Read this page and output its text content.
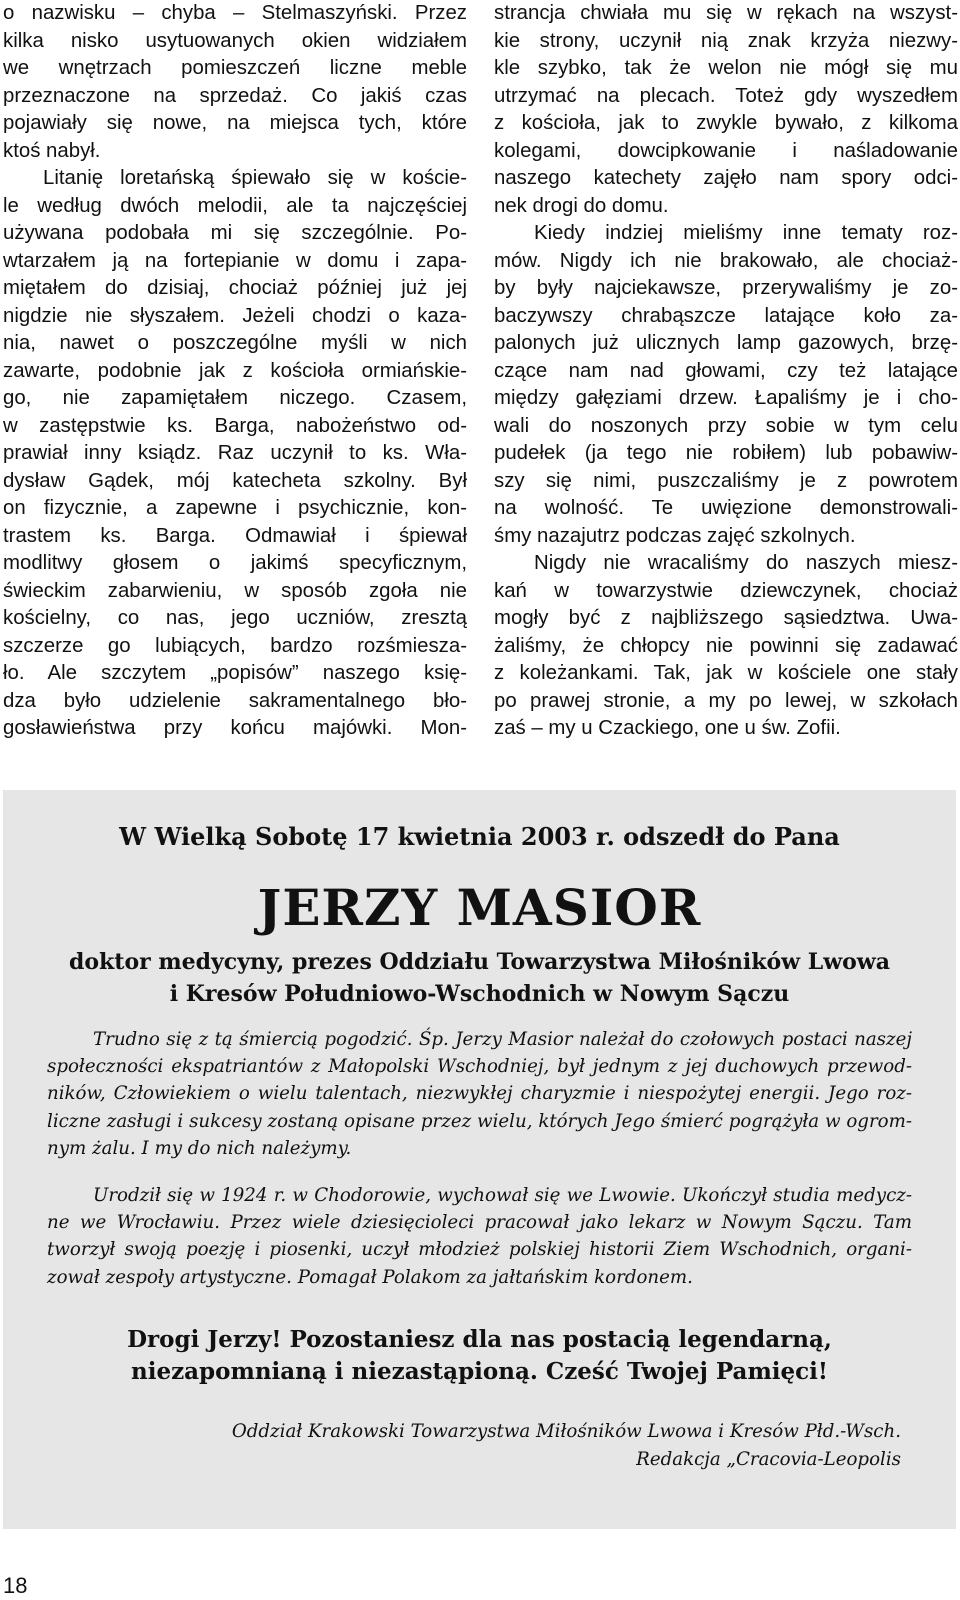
o nazwisku – chyba – Stelmaszyński. Przez
kilka nisko usytuowanych okien widziałem
we wnętrzach pomieszczeń liczne meble
przeznaczone na sprzedaż. Co jakiś czas
pojawiały się nowe, na miejsca tych, które
ktoś nabył.
Litanię loretańską śpiewało się w koście-
le według dwóch melodii, ale ta najczęściej
używana podobała mi się szczególnie. Po-
wtarzałem ją na fortepianie w domu i zapa-
miętałem do dzisiaj, chociaż później już jej
nigdzie nie słyszałem. Jeżeli chodzi o kaza-
nia, nawet o poszczególne myśli w nich
zawarte, podobnie jak z kościoła ormiańskie-
go, nie zapamiętałem niczego. Czasem,
w zastępstwie ks. Barga, nabożeństwo od-
prawiał inny ksiądz. Raz uczynił to ks. Wła-
dysław Gądek, mój katecheta szkolny. Był
on fizycznie, a zapewne i psychicznie, kon-
trastem ks. Barga. Odmawiał i śpiewał
modlitwy głosem o jakimś specyficznym,
świeckim zabarwieniu, w sposób zgoła nie
kościelny, co nas, jego uczniów, zresztą
szczerze go lubiących, bardzo rozśmiesza-
ło. Ale szczytem „popisów” naszego księ-
dza było udzielenie sakramentalnego bło-
gosławieństwa przy końcu majówki. Mon-
strancja chwiała mu się w rękach na wszyst-
kie strony, uczynił nią znak krzyża niezwy-
kle szybko, tak że welon nie mógł się mu
utrzymać na plecach. Toteż gdy wyszedłem
z kościoła, jak to zwykle bywało, z kilkoma
kolegami, dowcipkowanie i naśladowanie
naszego katechety zajęło nam spory odci-
nek drogi do domu.
Kiedy indziej mieliśmy inne tematy roz-
mów. Nigdy ich nie brakowało, ale chociaż-
by były najciekawsze, przerywaliśmy je zo-
baczywszy chrabąszcze latające koło za-
palonych już ulicznych lamp gazowych, brzę-
czące nam nad głowami, czy też latające
między gałęziami drzew. Łapaliśmy je i cho-
wali do noszonych przy sobie w tym celu
pudełek (ja tego nie robiłem) lub pobawiw-
szy się nimi, puszczaliśmy je z powrotem
na wolność. Te uwięzione demonstrowali-
śmy nazajutrz podczas zajęć szkolnych.
Nigdy nie wracaliśmy do naszych miesz-
kań w towarzystwie dziewczynek, chociaż
mogły być z najbliższego sąsiedztwa. Uwa-
żaliśmy, że chłopcy nie powinni się zadawać
z koleżankami. Tak, jak w kościele one stały
po prawej stronie, a my po lewej, w szkołach
zaś – my u Czackiego, one u św. Zofii.
W Wielką Sobotę 17 kwietnia 2003 r. odszedł do Pana
JERZY MASIOR
doktor medycyny, prezes Oddziału Towarzystwa Miłośników Lwowa
i Kresów Południowo-Wschodnich w Nowym Sączu
Trudno się z tą śmiercią pogodzić. Śp. Jerzy Masior należał do czołowych postaci naszej
społeczności ekspatriantów z Małopolski Wschodniej, był jednym z jej duchowych przewod-
ników, Człowiekiem o wielu talentach, niezwykłej charyzmie i niespożytej energii. Jego roz-
liczne zasługi i sukcesy zostaną opisane przez wielu, których Jego śmierć pogrążyła w ogrom-
nym żalu. I my do nich należymy.
Urodził się w 1924 r. w Chodorowie, wychował się we Lwowie. Ukończył studia medycz-
ne we Wrocławiu. Przez wiele dziesięcioleci pracował jako lekarz w Nowym Sączu. Tam
tworzył swoją poezję i piosenki, uczył młodzież polskiej historii Ziem Wschodnich, organi-
zował zespoły artystyczne. Pomagał Polakom za jałtańskim kordonem.
Drogi Jerzy! Pozostaniesz dla nas postacią legendarną,
niezapomnianą i niezastąpioną. Cześć Twojej Pamięci!
Oddział Krakowski Towarzystwa Miłośników Lwowa i Kresów Płd.-Wsch.
Redakcja „Cracovia-Leopolis
18
